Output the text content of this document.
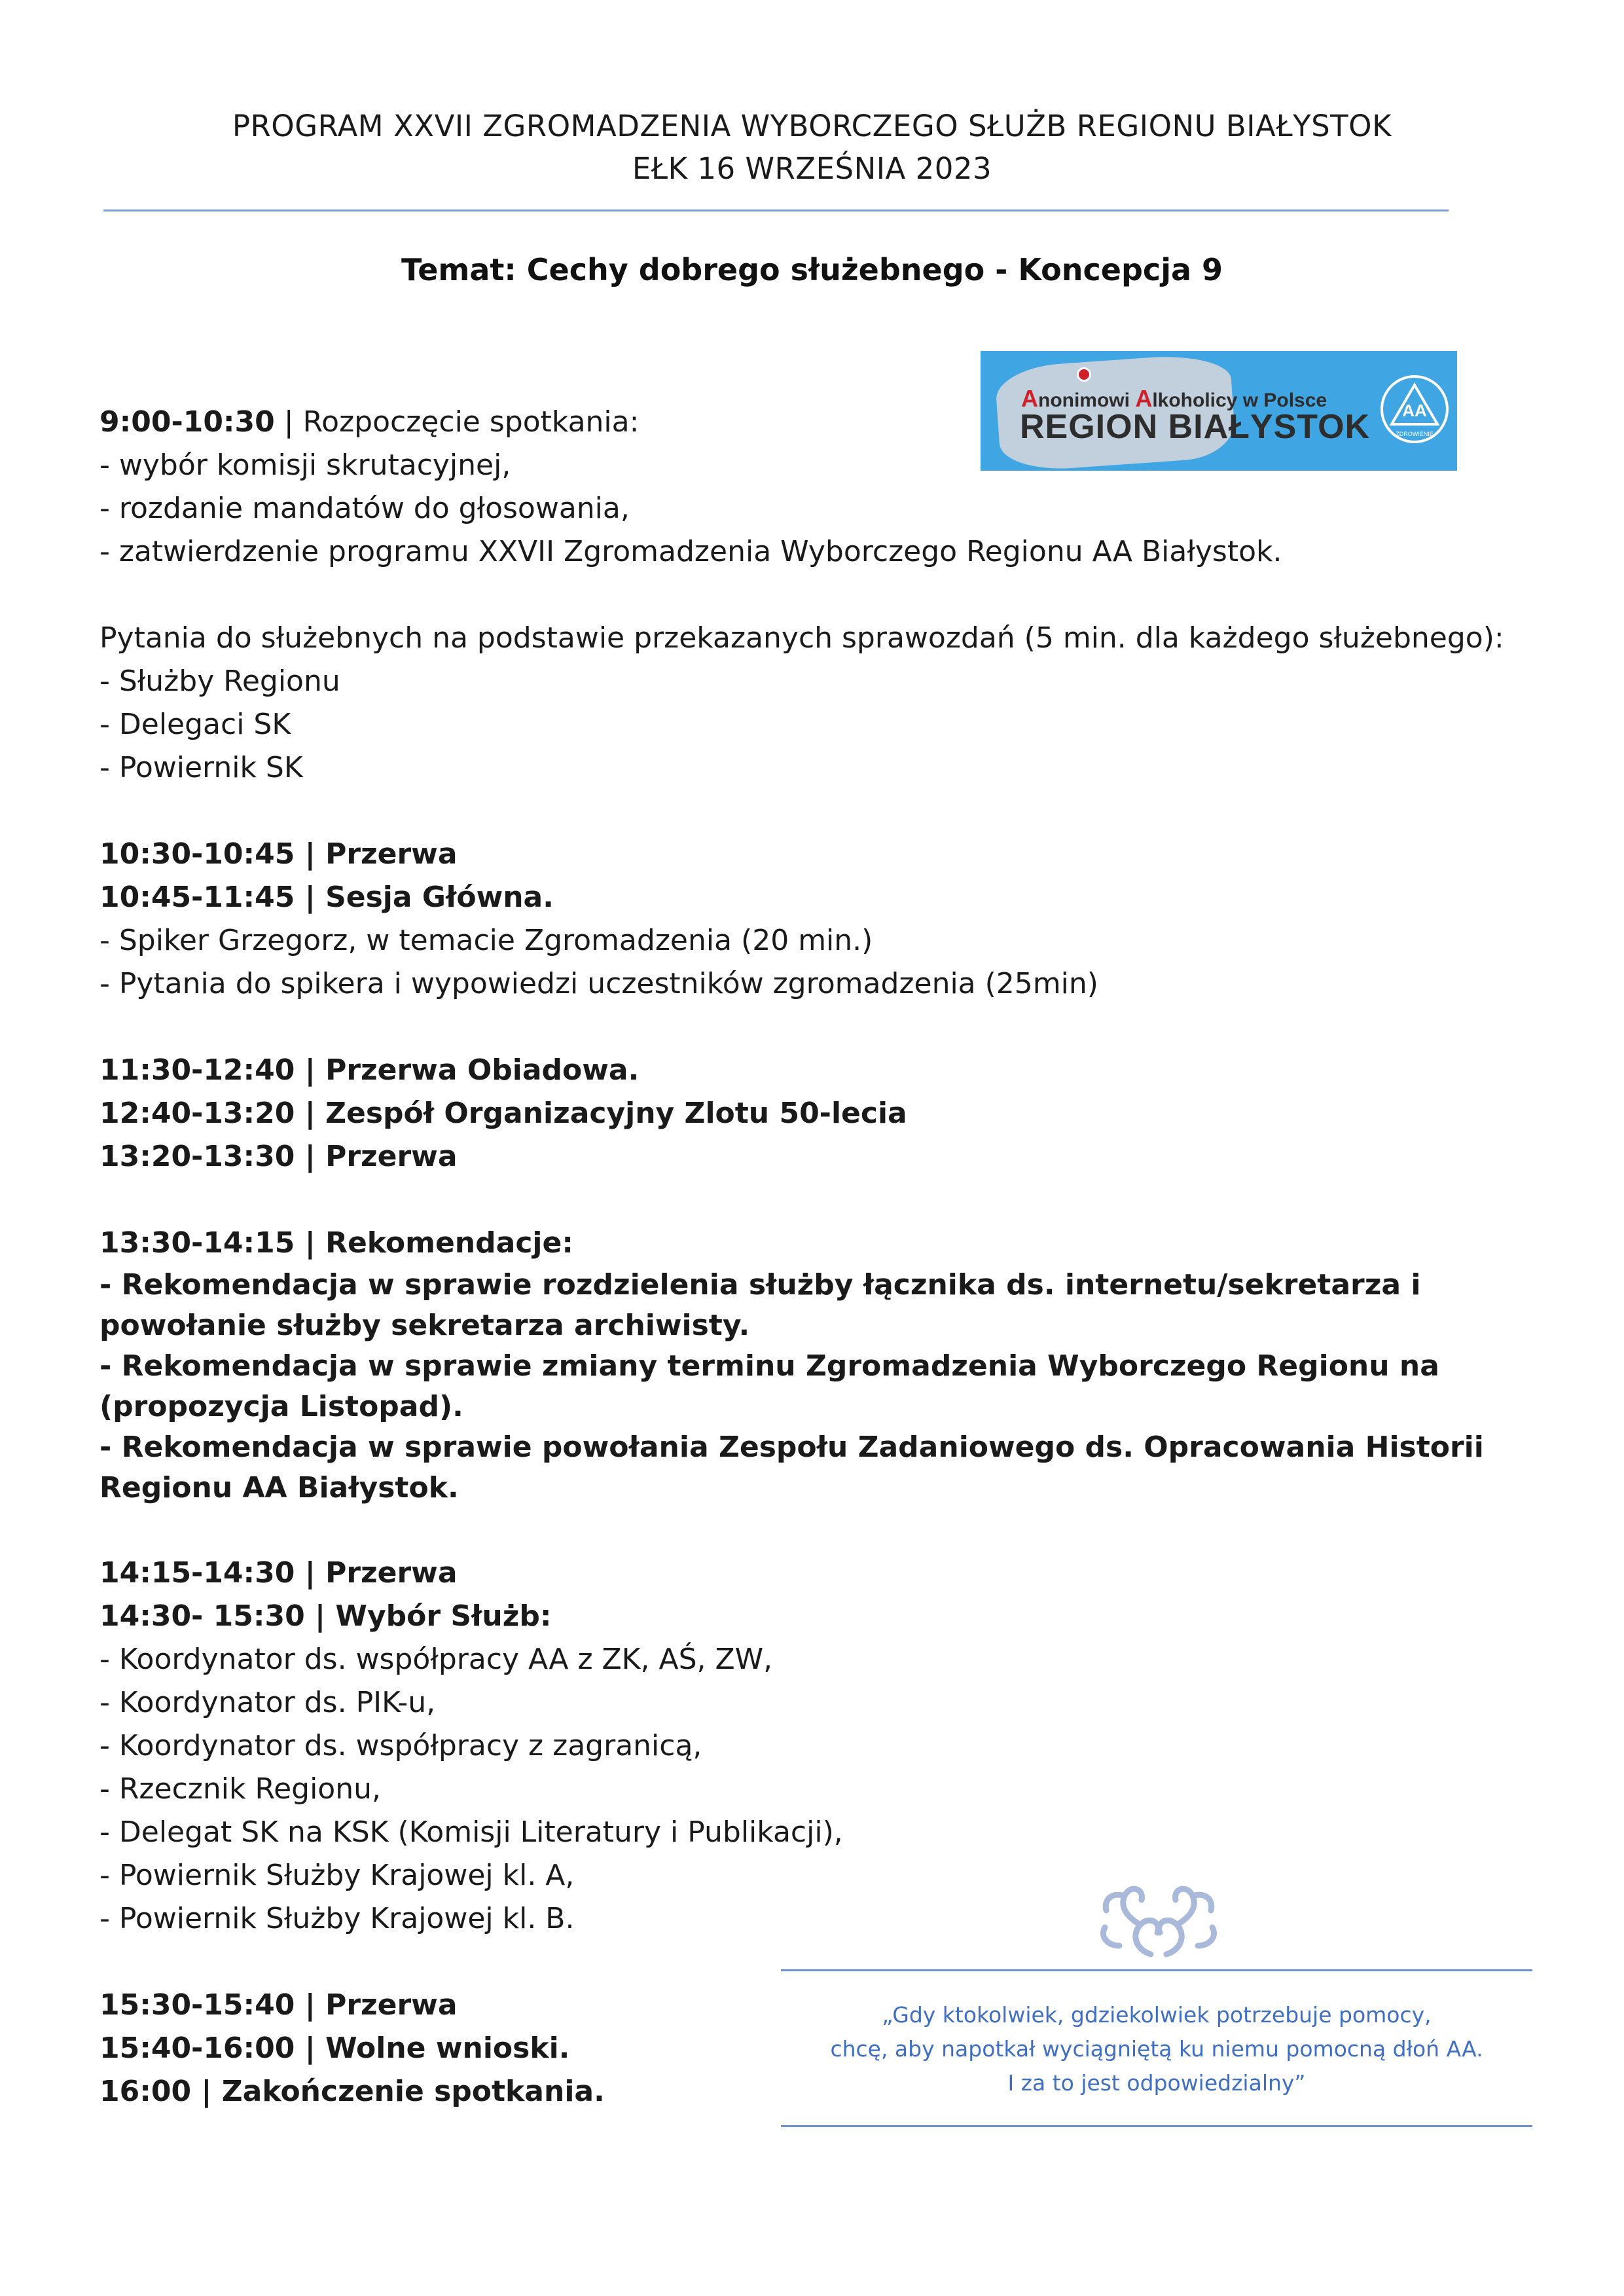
PROGRAM XXVII ZGROMADZENIA WYBORCZEGO SŁUŻB REGIONU BIAŁYSTOK
EŁK 16 WRZEŚNIA 2023
Temat: Cechy dobrego służebnego - Koncepcja 9
Anonimowi Alkoholicy w Polsce
REGION BIAŁYSTOK AA
ZDROWIENIE
9:00-10:30 | Rozpoczęcie spotkania:
- wybór komisji skrutacyjnej,
- rozdanie mandatów do głosowania,
- zatwierdzenie programu XXVII Zgromadzenia Wyborczego Regionu AA Białystok.
Pytania do służebnych na podstawie przekazanych sprawozdań (5 min. dla każdego służebnego):
- Służby Regionu
- Delegaci SK
- Powiernik SK
10:30-10:45 | Przerwa
10:45-11:45 | Sesja Główna.
- Spiker Grzegorz, w temacie Zgromadzenia (20 min.)
- Pytania do spikera i wypowiedzi uczestników zgromadzenia (25min)
11:30-12:40 | Przerwa Obiadowa.
12:40-13:20 | Zespół Organizacyjny Zlotu 50-lecia
13:20-13:30 | Przerwa
13:30-14:15 | Rekomendacje:
- Rekomendacja w sprawie rozdzielenia służby łącznika ds. internetu/sekretarza i powołanie służby sekretarza archiwisty.
- Rekomendacja w sprawie zmiany terminu Zgromadzenia Wyborczego Regionu na (propozycja Listopad).
- Rekomendacja w sprawie powołania Zespołu Zadaniowego ds. Opracowania Historii Regionu AA Białystok.
14:15-14:30 | Przerwa
14:30- 15:30 | Wybór Służb:
- Koordynator ds. współpracy AA z ZK, AŚ, ZW,
- Koordynator ds. PIK-u,
- Koordynator ds. współpracy z zagranicą,
- Rzecznik Regionu,
- Delegat SK na KSK (Komisji Literatury i Publikacji),
- Powiernik Służby Krajowej kl. A,
- Powiernik Służby Krajowej kl. B.
15:30-15:40 | Przerwa
15:40-16:00 | Wolne wnioski.
16:00 | Zakończenie spotkania.
„Gdy ktokolwiek, gdziekolwiek potrzebuje pomocy,
chcę, aby napotkał wyciągniętą ku niemu pomocną dłoń AA.
I za to jest odpowiedzialny”
